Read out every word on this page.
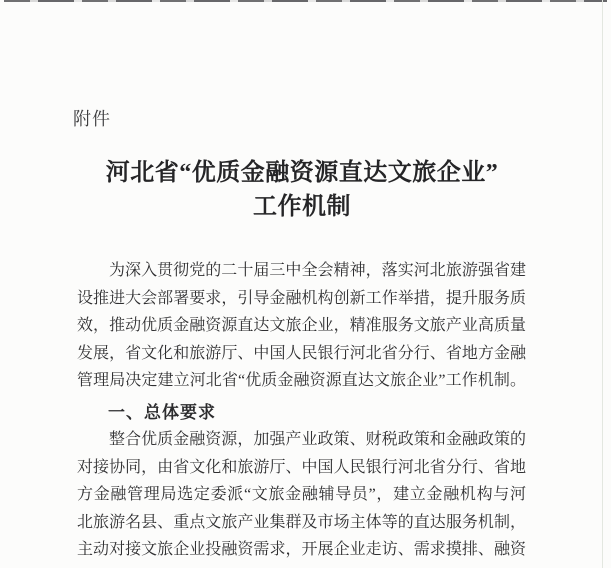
附件
河北省“优质金融资源直达文旅企业”
工作机制
为深入贯彻党的二十届三中全会精神，落实河北旅游强省建
设推进大会部署要求，引导金融机构创新工作举措，提升服务质
效，推动优质金融资源直达文旅企业，精准服务文旅产业高质量
发展，省文化和旅游厅、中国人民银行河北省分行、省地方金融
管理局决定建立河北省“优质金融资源直达文旅企业”工作机制。
一、总体要求
整合优质金融资源，加强产业政策、财税政策和金融政策的
对接协同，由省文化和旅游厅、中国人民银行河北省分行、省地
方金融管理局选定委派“文旅金融辅导员”，建立金融机构与河
北旅游名县、重点文旅产业集群及市场主体等的直达服务机制，
主动对接文旅企业投融资需求，开展企业走访、需求摸排、融资
